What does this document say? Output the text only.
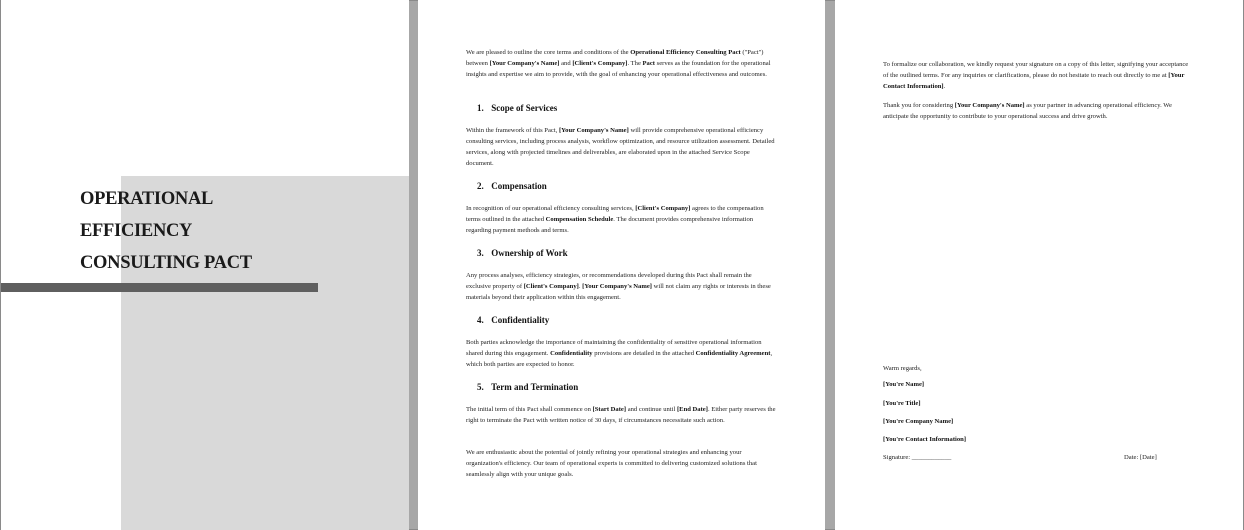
OPERATIONAL
EFFICIENCY
CONSULTING PACT

We are pleased to outline the core terms and conditions of the Operational Efficiency Consulting Pact ("Pact") between [Your Company's Name] and [Client's Company]. The Pact serves as the foundation for the operational insights and expertise we aim to provide, with the goal of enhancing your operational effectiveness and outcomes.

1. Scope of Services

Within the framework of this Pact, [Your Company's Name] will provide comprehensive operational efficiency consulting services, including process analysis, workflow optimization, and resource utilization assessment. Detailed services, along with projected timelines and deliverables, are elaborated upon in the attached Service Scope document.

2. Compensation

In recognition of our operational efficiency consulting services, [Client's Company] agrees to the compensation terms outlined in the attached Compensation Schedule. The document provides comprehensive information regarding payment methods and terms.

3. Ownership of Work

Any process analyses, efficiency strategies, or recommendations developed during this Pact shall remain the exclusive property of [Client's Company]. [Your Company's Name] will not claim any rights or interests in these materials beyond their application within this engagement.

4. Confidentiality

Both parties acknowledge the importance of maintaining the confidentiality of sensitive operational information shared during this engagement. Confidentiality provisions are detailed in the attached Confidentiality Agreement, which both parties are expected to honor.

5. Term and Termination

The initial term of this Pact shall commence on [Start Date] and continue until [End Date]. Either party reserves the right to terminate the Pact with written notice of 30 days, if circumstances necessitate such action.

We are enthusiastic about the potential of jointly refining your operational strategies and enhancing your organization's efficiency. Our team of operational experts is committed to delivering customized solutions that seamlessly align with your unique goals.
To formalize our collaboration, we kindly request your signature on a copy of this letter, signifying your acceptance of the outlined terms. For any inquiries or clarifications, please do not hesitate to reach out directly to me at [Your Contact Information].
Thank you for considering [Your Company's Name] as your partner in advancing operational efficiency. We anticipate the opportunity to contribute to your operational success and drive growth.
Warm regards,
[You're Name]
[You're Title]
[You're Company Name]
[You're Contact Information]
Signature: ____________	Date: [Date]
